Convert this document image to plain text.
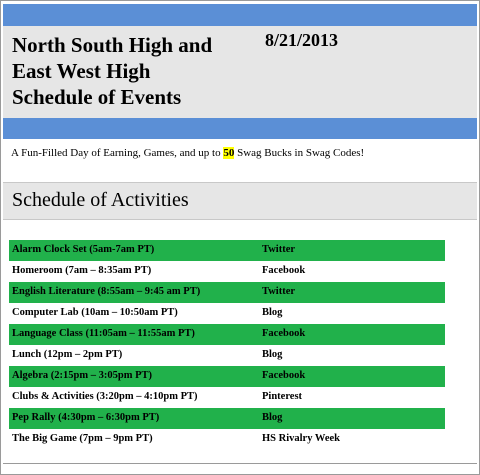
North South High and
East West High
Schedule of Events
8/21/2013
A Fun-Filled Day of Earning, Games, and up to 50 Swag Bucks in Swag Codes!
Schedule of Activities
Alarm Clock Set (5am-7am PT)	Twitter
Homeroom (7am – 8:35am PT)	Facebook
English Literature (8:55am – 9:45 am PT)	Twitter
Computer Lab (10am – 10:50am PT)	Blog
Language Class (11:05am – 11:55am PT)	Facebook
Lunch (12pm – 2pm PT)	Blog
Algebra (2:15pm – 3:05pm PT)	Facebook
Clubs & Activities (3:20pm – 4:10pm PT)	Pinterest
Pep Rally (4:30pm – 6:30pm PT)	Blog
The Big Game (7pm – 9pm PT)	HS Rivalry Week
